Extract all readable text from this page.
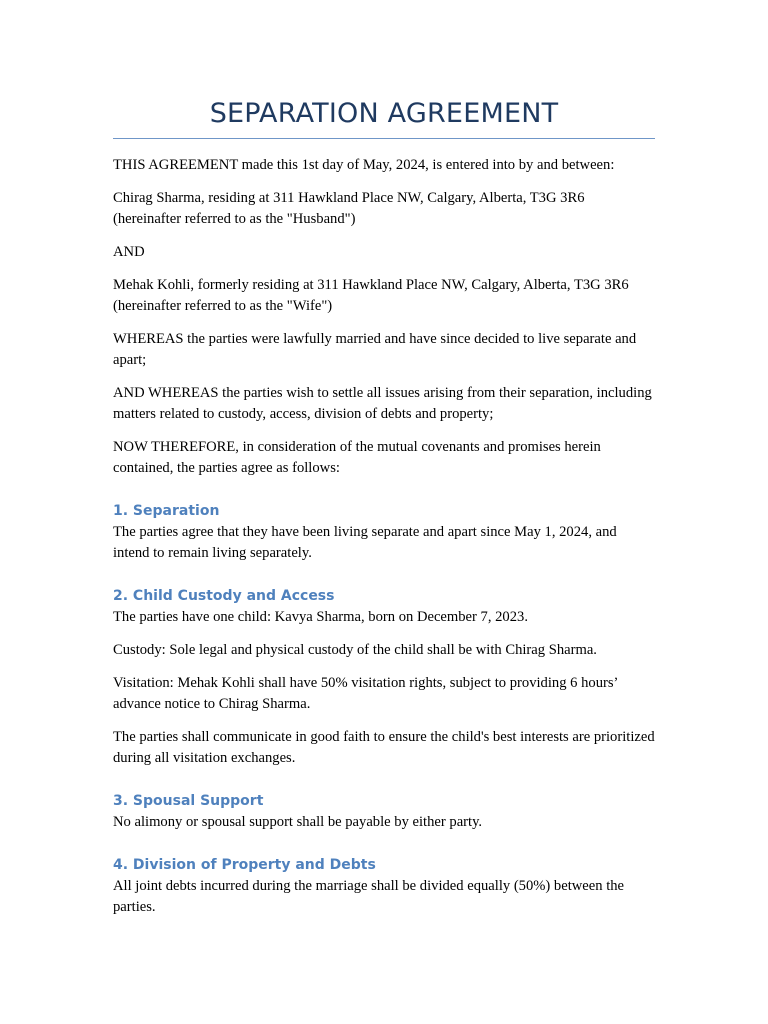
SEPARATION AGREEMENT

THIS AGREEMENT made this 1st day of May, 2024, is entered into by and between:

Chirag Sharma, residing at 311 Hawkland Place NW, Calgary, Alberta, T3G 3R6 (hereinafter referred to as the "Husband")

AND

Mehak Kohli, formerly residing at 311 Hawkland Place NW, Calgary, Alberta, T3G 3R6 (hereinafter referred to as the "Wife")

WHEREAS the parties were lawfully married and have since decided to live separate and apart;

AND WHEREAS the parties wish to settle all issues arising from their separation, including matters related to custody, access, division of debts and property;

NOW THEREFORE, in consideration of the mutual covenants and promises herein contained, the parties agree as follows:

1. Separation

The parties agree that they have been living separate and apart since May 1, 2024, and intend to remain living separately.

2. Child Custody and Access

The parties have one child: Kavya Sharma, born on December 7, 2023.

Custody: Sole legal and physical custody of the child shall be with Chirag Sharma.

Visitation: Mehak Kohli shall have 50% visitation rights, subject to providing 6 hours’ advance notice to Chirag Sharma.

The parties shall communicate in good faith to ensure the child's best interests are prioritized during all visitation exchanges.

3. Spousal Support

No alimony or spousal support shall be payable by either party.

4. Division of Property and Debts

All joint debts incurred during the marriage shall be divided equally (50%) between the parties.
